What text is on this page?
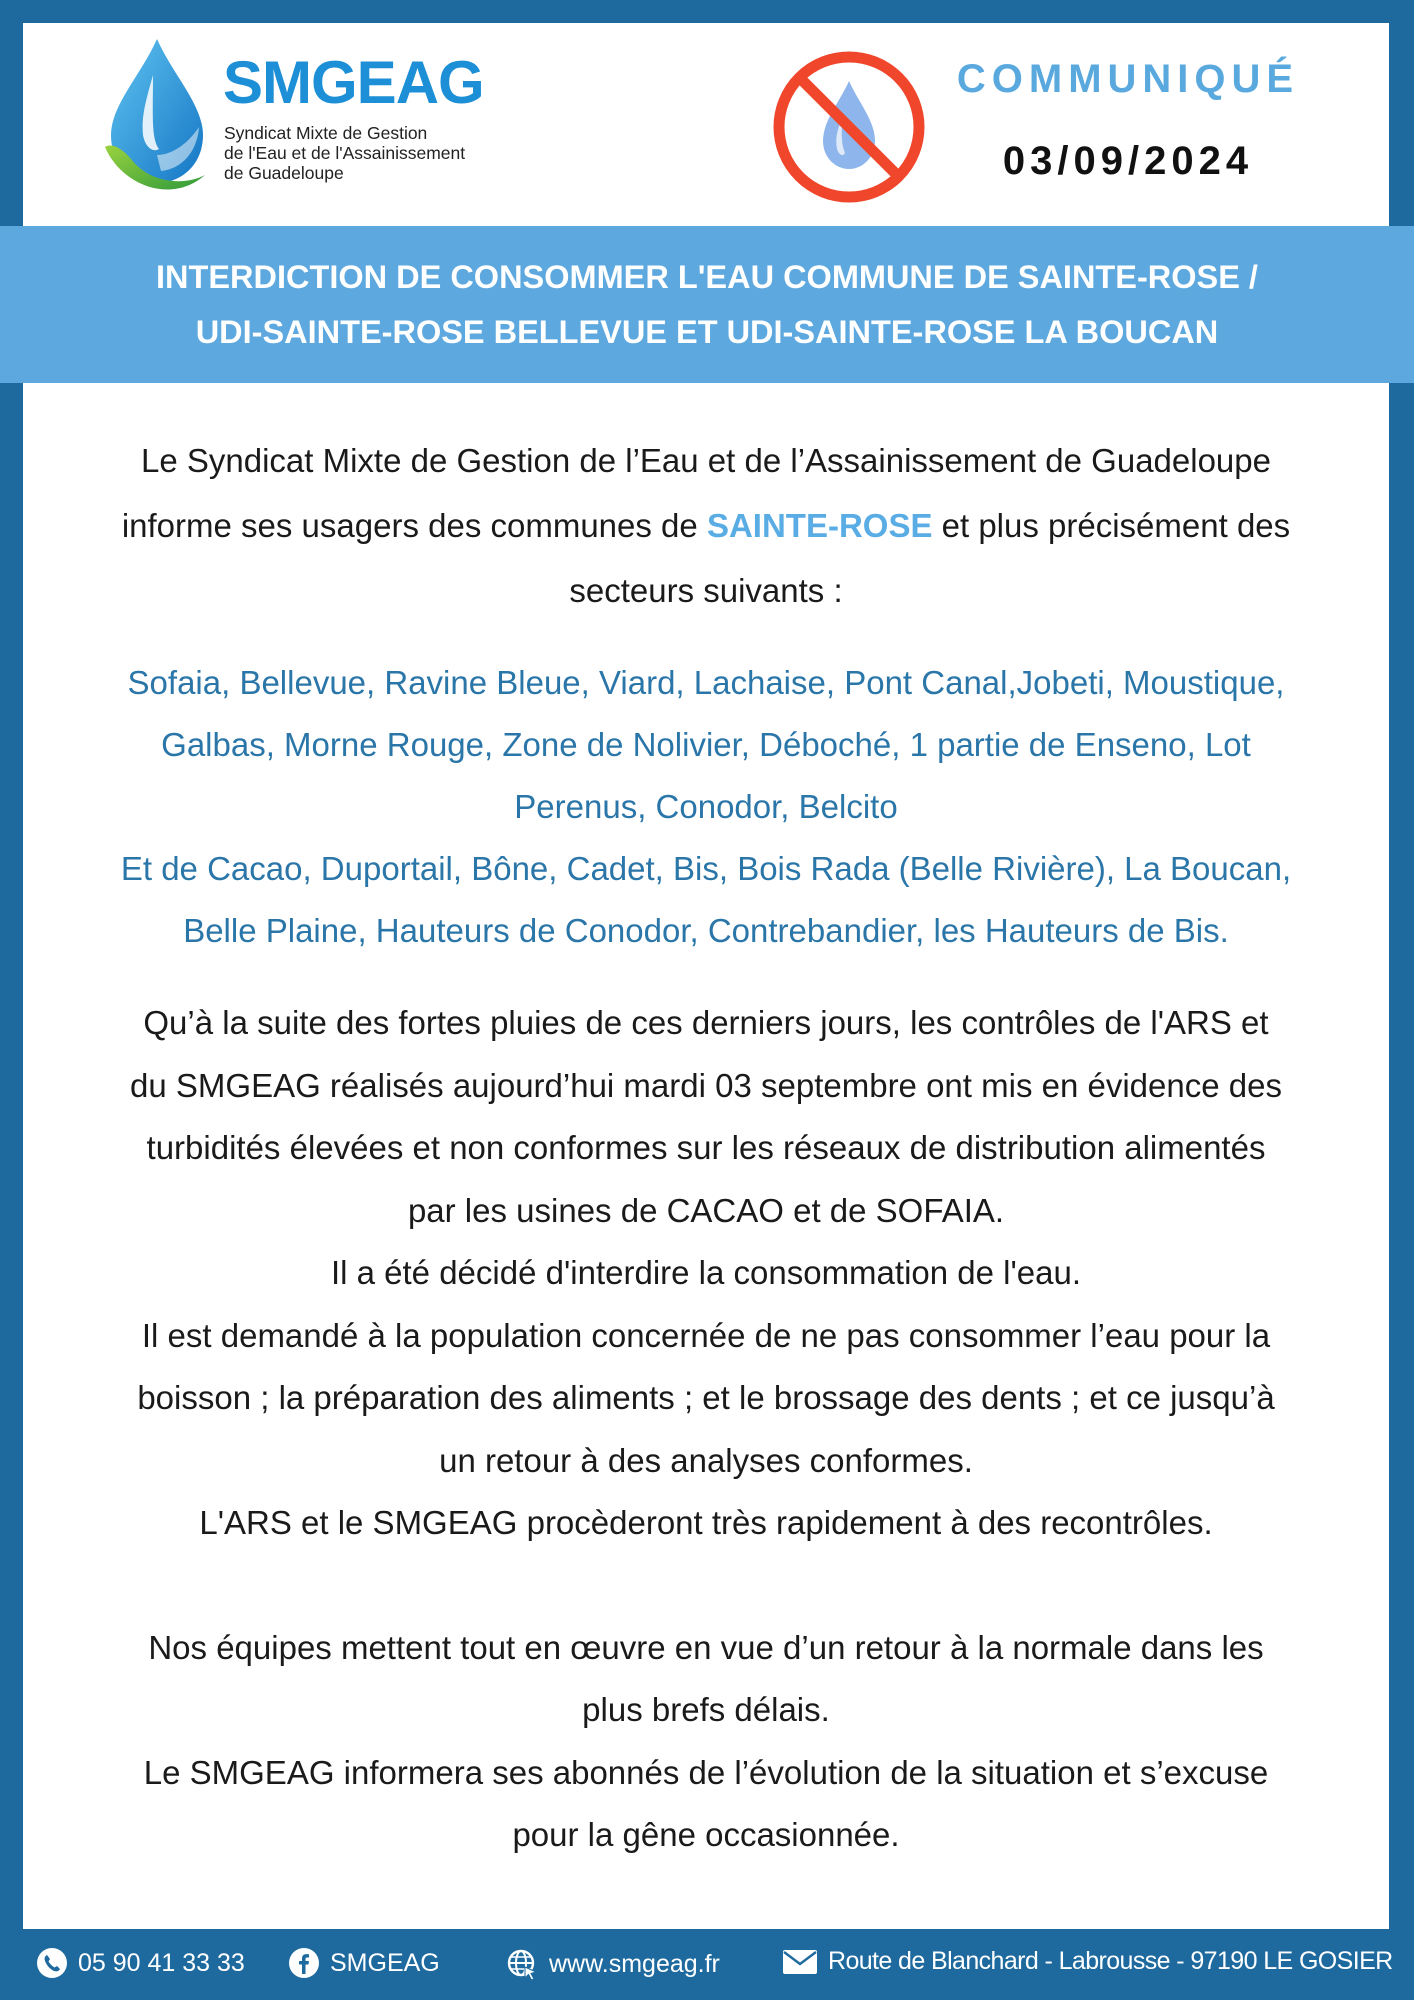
SMGEAG
Syndicat Mixte de Gestion
de l'Eau et de l'Assainissement
de Guadeloupe
COMMUNIQUÉ
03/09/2024
INTERDICTION DE CONSOMMER L'EAU COMMUNE DE SAINTE-ROSE /
UDI-SAINTE-ROSE BELLEVUE ET UDI-SAINTE-ROSE LA BOUCAN

Le Syndicat Mixte de Gestion de l’Eau et de l’Assainissement de Guadeloupe informe ses usagers des communes de SAINTE-ROSE et plus précisément des secteurs suivants :

Sofaia, Bellevue, Ravine Bleue, Viard, Lachaise, Pont Canal,Jobeti, Moustique,
Galbas, Morne Rouge, Zone de Nolivier, Déboché, 1 partie de Enseno, Lot
Perenus, Conodor, Belcito
Et de Cacao, Duportail, Bône, Cadet, Bis, Bois Rada (Belle Rivière), La Boucan,
Belle Plaine, Hauteurs de Conodor, Contrebandier, les Hauteurs de Bis.

Qu’à la suite des fortes pluies de ces derniers jours, les contrôles de l'ARS et
du SMGEAG réalisés aujourd’hui mardi 03 septembre ont mis en évidence des
turbidités élevées et non conformes sur les réseaux de distribution alimentés
par les usines de CACAO et de SOFAIA.
Il a été décidé d'interdire la consommation de l'eau.
Il est demandé à la population concernée de ne pas consommer l’eau pour la
boisson ; la préparation des aliments ; et le brossage des dents ; et ce jusqu’à
un retour à des analyses conformes.
L'ARS et le SMGEAG procèderont très rapidement à des recontrôles.

Nos équipes mettent tout en œuvre en vue d’un retour à la normale dans les
plus brefs délais.
Le SMGEAG informera ses abonnés de l’évolution de la situation et s’excuse
pour la gêne occasionnée.

05 90 41 33 33	SMGEAG	www.smgeag.fr	Route de Blanchard - Labrousse - 97190 LE GOSIER
